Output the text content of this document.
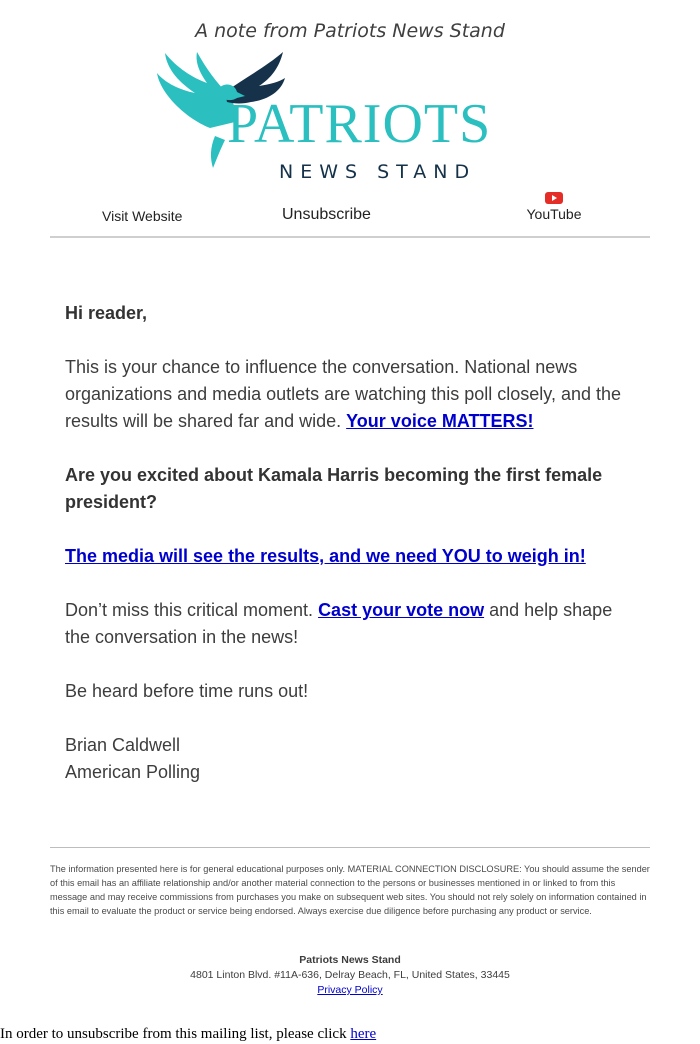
A note from Patriots News Stand
PATRIOTS
NEWS STAND
Visit Website	Unsubscribe	YouTube

Hi reader,

This is your chance to influence the conversation. National news organizations and media outlets are watching this poll closely, and the results will be shared far and wide. Your voice MATTERS!

Are you excited about Kamala Harris becoming the first female president?

The media will see the results, and we need YOU to weigh in!

Don’t miss this critical moment. Cast your vote now and help shape the conversation in the news!

Be heard before time runs out!

Brian Caldwell
American Polling
The information presented here is for general educational purposes only. MATERIAL CONNECTION DISCLOSURE: You should assume the sender of this email has an affiliate relationship and/or another material connection to the persons or businesses mentioned in or linked to from this message and may receive commissions from purchases you make on subsequent web sites. You should not rely solely on information contained in this email to evaluate the product or service being endorsed. Always exercise due diligence before purchasing any product or service.
Patriots News Stand
4801 Linton Blvd. #11A-636, Delray Beach, FL, United States, 33445
Privacy Policy
In order to unsubscribe from this mailing list, please click here
